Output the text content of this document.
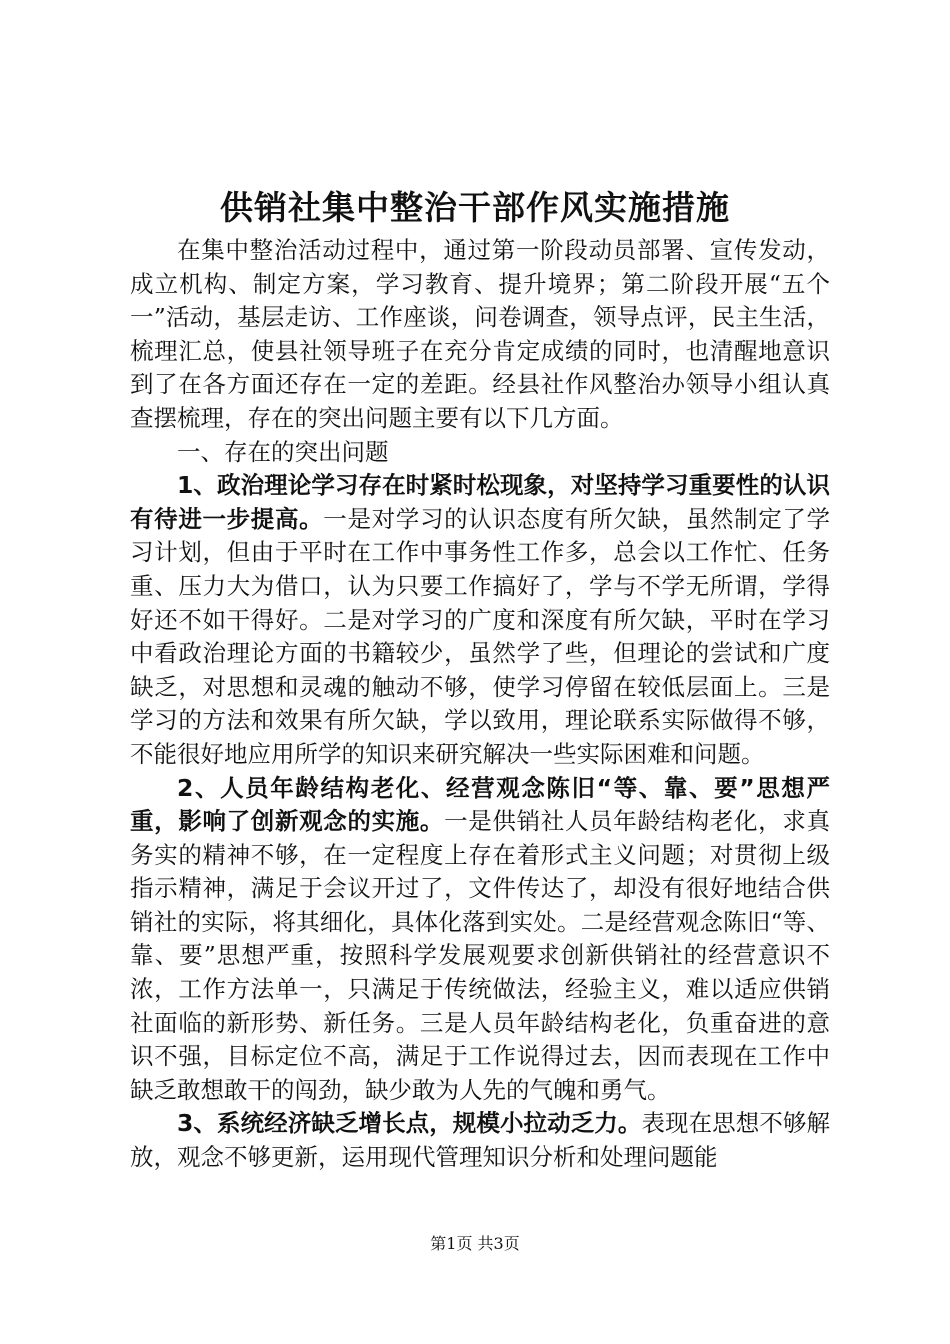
供销社集中整治干部作风实施措施

在集中整治活动过程中，通过第一阶段动员部署、宣传发动，成立机构、制定方案，学习教育、提升境界；第二阶段开展“五个一”活动，基层走访、工作座谈，问卷调查，领导点评，民主生活，梳理汇总，使县社领导班子在充分肯定成绩的同时，也清醒地意识到了在各方面还存在一定的差距。经县社作风整治办领导小组认真查摆梳理，存在的突出问题主要有以下几方面。

一、存在的突出问题

1、政治理论学习存在时紧时松现象，对坚持学习重要性的认识有待进一步提高。一是对学习的认识态度有所欠缺，虽然制定了学习计划，但由于平时在工作中事务性工作多，总会以工作忙、任务重、压力大为借口，认为只要工作搞好了，学与不学无所谓，学得好还不如干得好。二是对学习的广度和深度有所欠缺，平时在学习中看政治理论方面的书籍较少，虽然学了些，但理论的尝试和广度缺乏，对思想和灵魂的触动不够，使学习停留在较低层面上。三是学习的方法和效果有所欠缺，学以致用，理论联系实际做得不够，不能很好地应用所学的知识来研究解决一些实际困难和问题。

2、人员年龄结构老化、经营观念陈旧“等、靠、要”思想严重，影响了创新观念的实施。一是供销社人员年龄结构老化，求真务实的精神不够，在一定程度上存在着形式主义问题；对贯彻上级指示精神，满足于会议开过了，文件传达了，却没有很好地结合供销社的实际，将其细化，具体化落到实处。二是经营观念陈旧“等、靠、要”思想严重，按照科学发展观要求创新供销社的经营意识不浓，工作方法单一，只满足于传统做法，经验主义，难以适应供销社面临的新形势、新任务。三是人员年龄结构老化，负重奋进的意识不强，目标定位不高，满足于工作说得过去，因而表现在工作中缺乏敢想敢干的闯劲，缺少敢为人先的气魄和勇气。

3、系统经济缺乏增长点，规模小拉动乏力。表现在思想不够解放，观念不够更新，运用现代管理知识分析和处理问题能

第1页 共3页
